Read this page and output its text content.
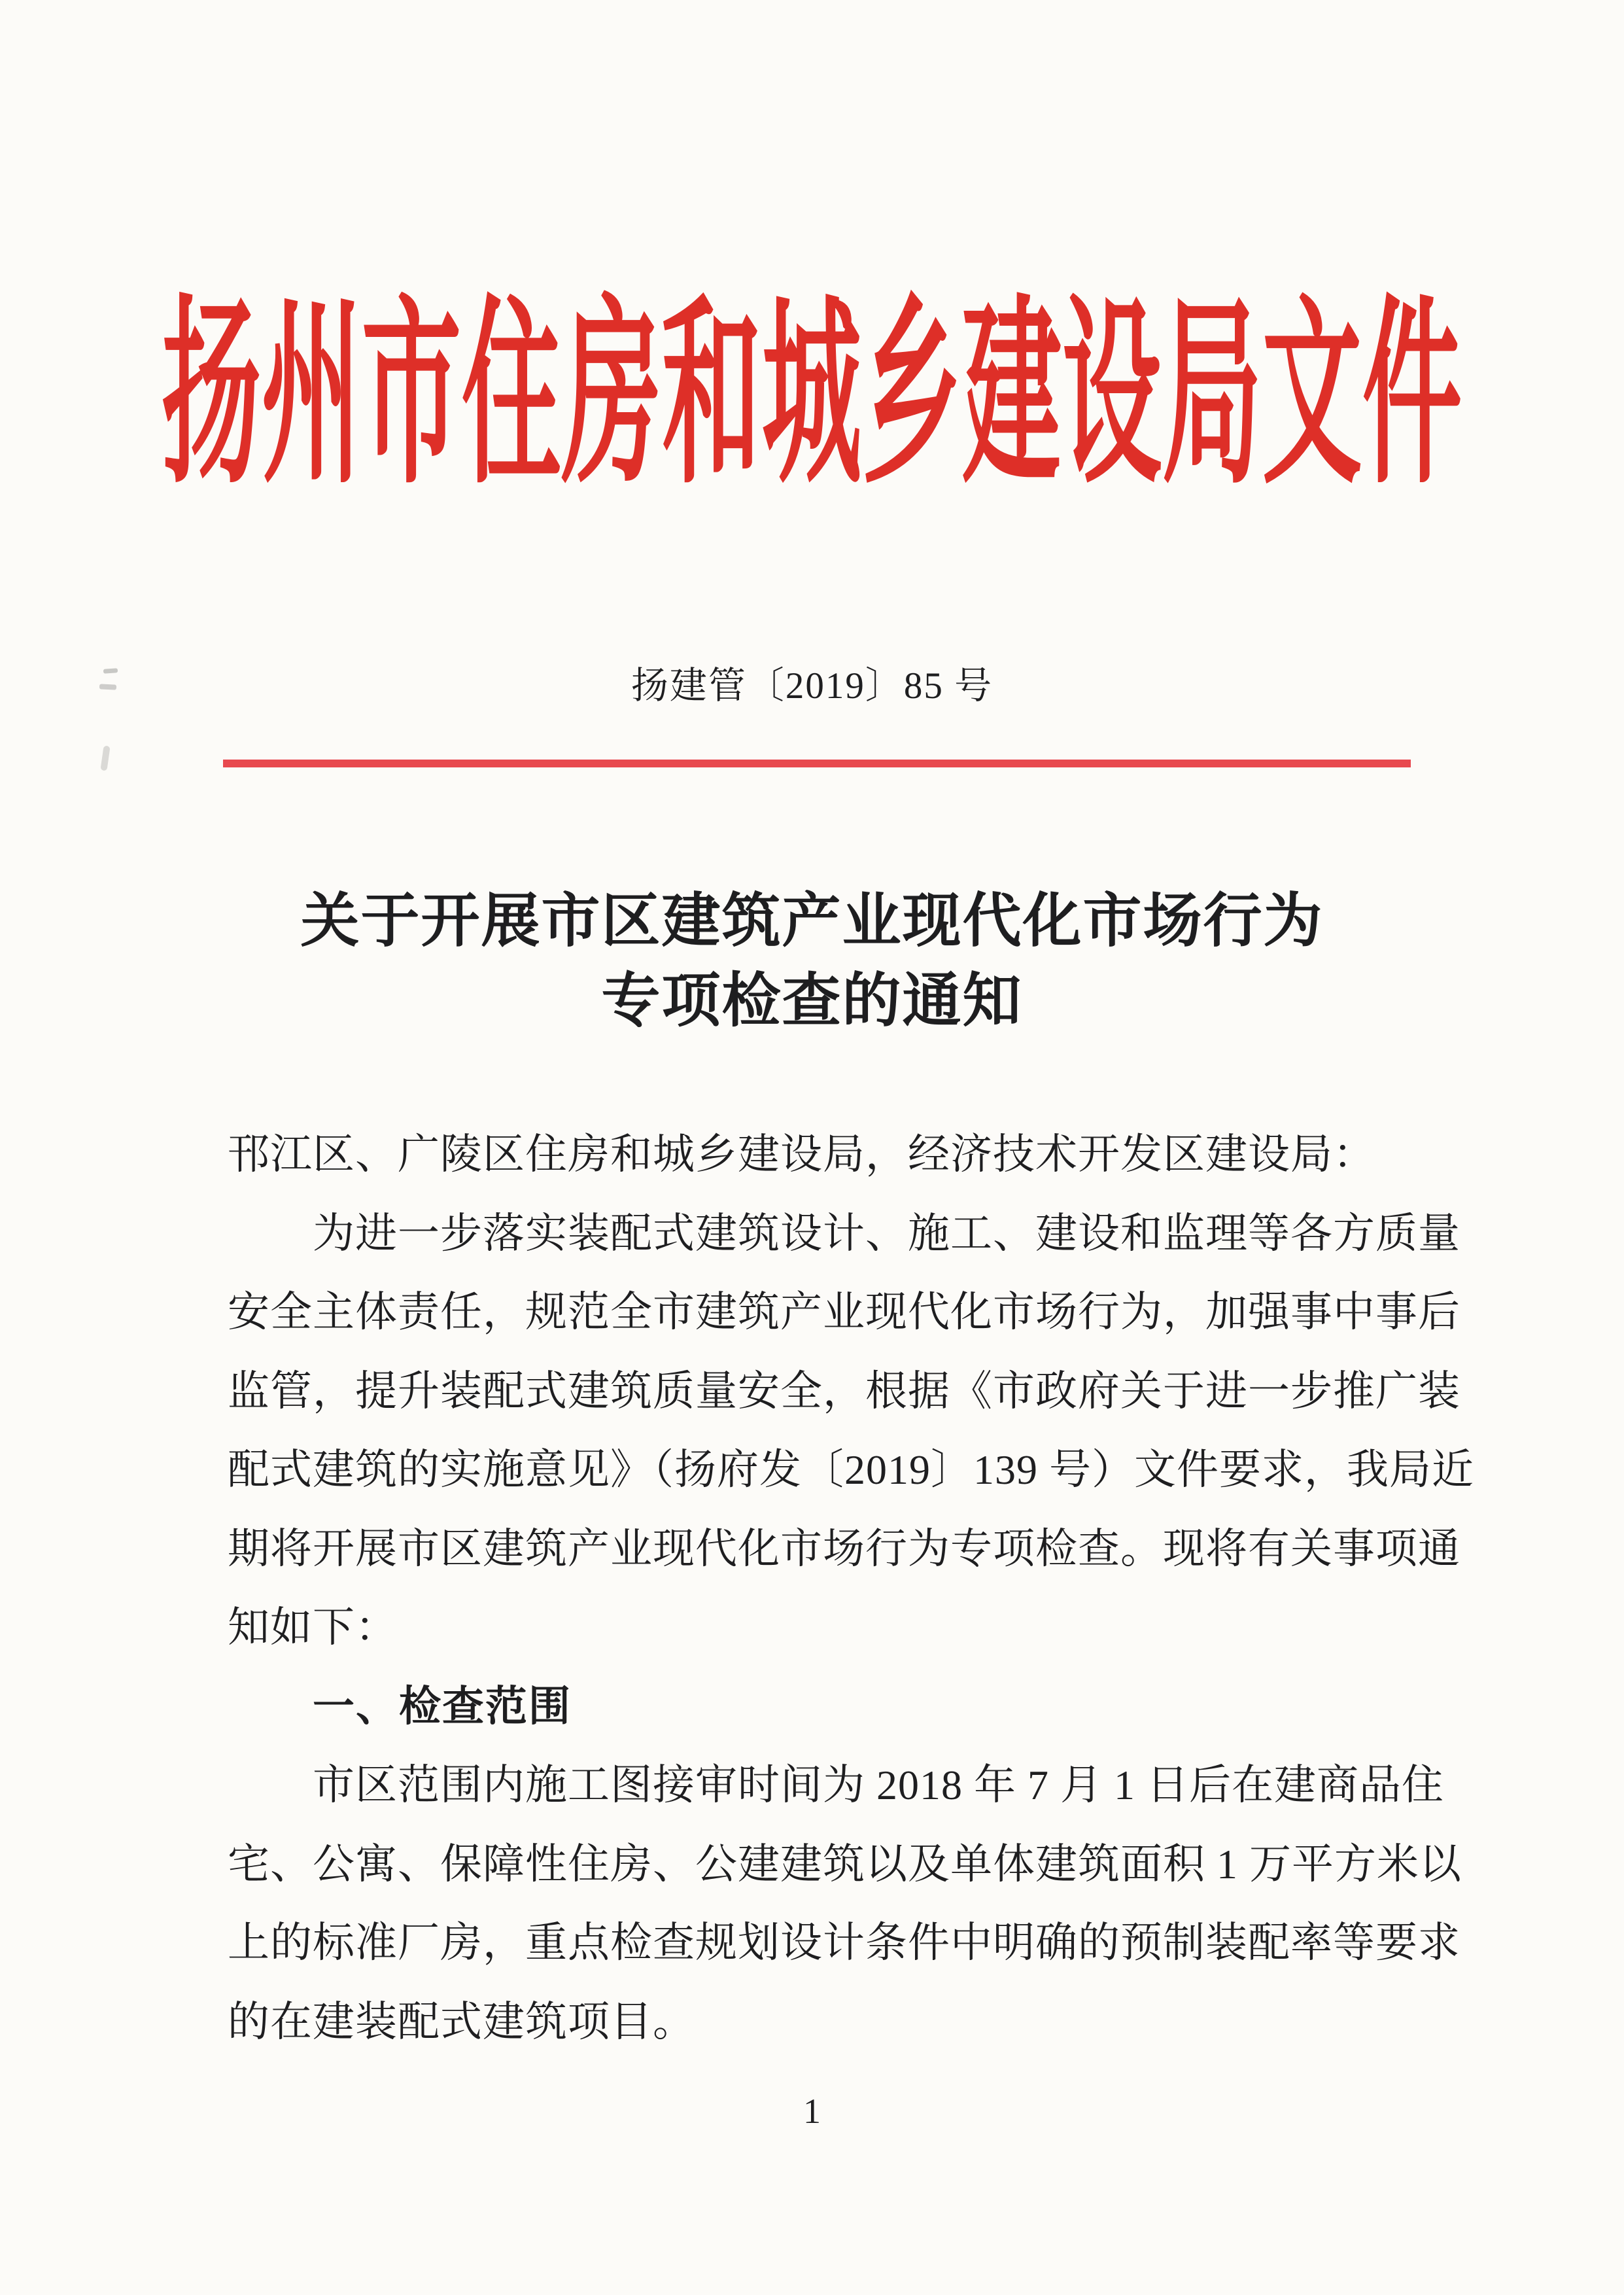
扬州市住房和城乡建设局文件
扬建管〔2019〕85 号
关于开展市区建筑产业现代化市场行为
专项检查的通知
邗江区、广陵区住房和城乡建设局，经济技术开发区建设局：
为进一步落实装配式建筑设计、施工、建设和监理等各方质量
安全主体责任，规范全市建筑产业现代化市场行为，加强事中事后
监管，提升装配式建筑质量安全，根据《市政府关于进一步推广装
配式建筑的实施意见》（扬府发〔2019〕139 号）文件要求，我局近
期将开展市区建筑产业现代化市场行为专项检查。现将有关事项通
知如下：
一、检查范围
市区范围内施工图接审时间为 2018 年 7 月 1 日后在建商品住
宅、公寓、保障性住房、公建建筑以及单体建筑面积 1 万平方米以
上的标准厂房，重点检查规划设计条件中明确的预制装配率等要求
的在建装配式建筑项目。
1
